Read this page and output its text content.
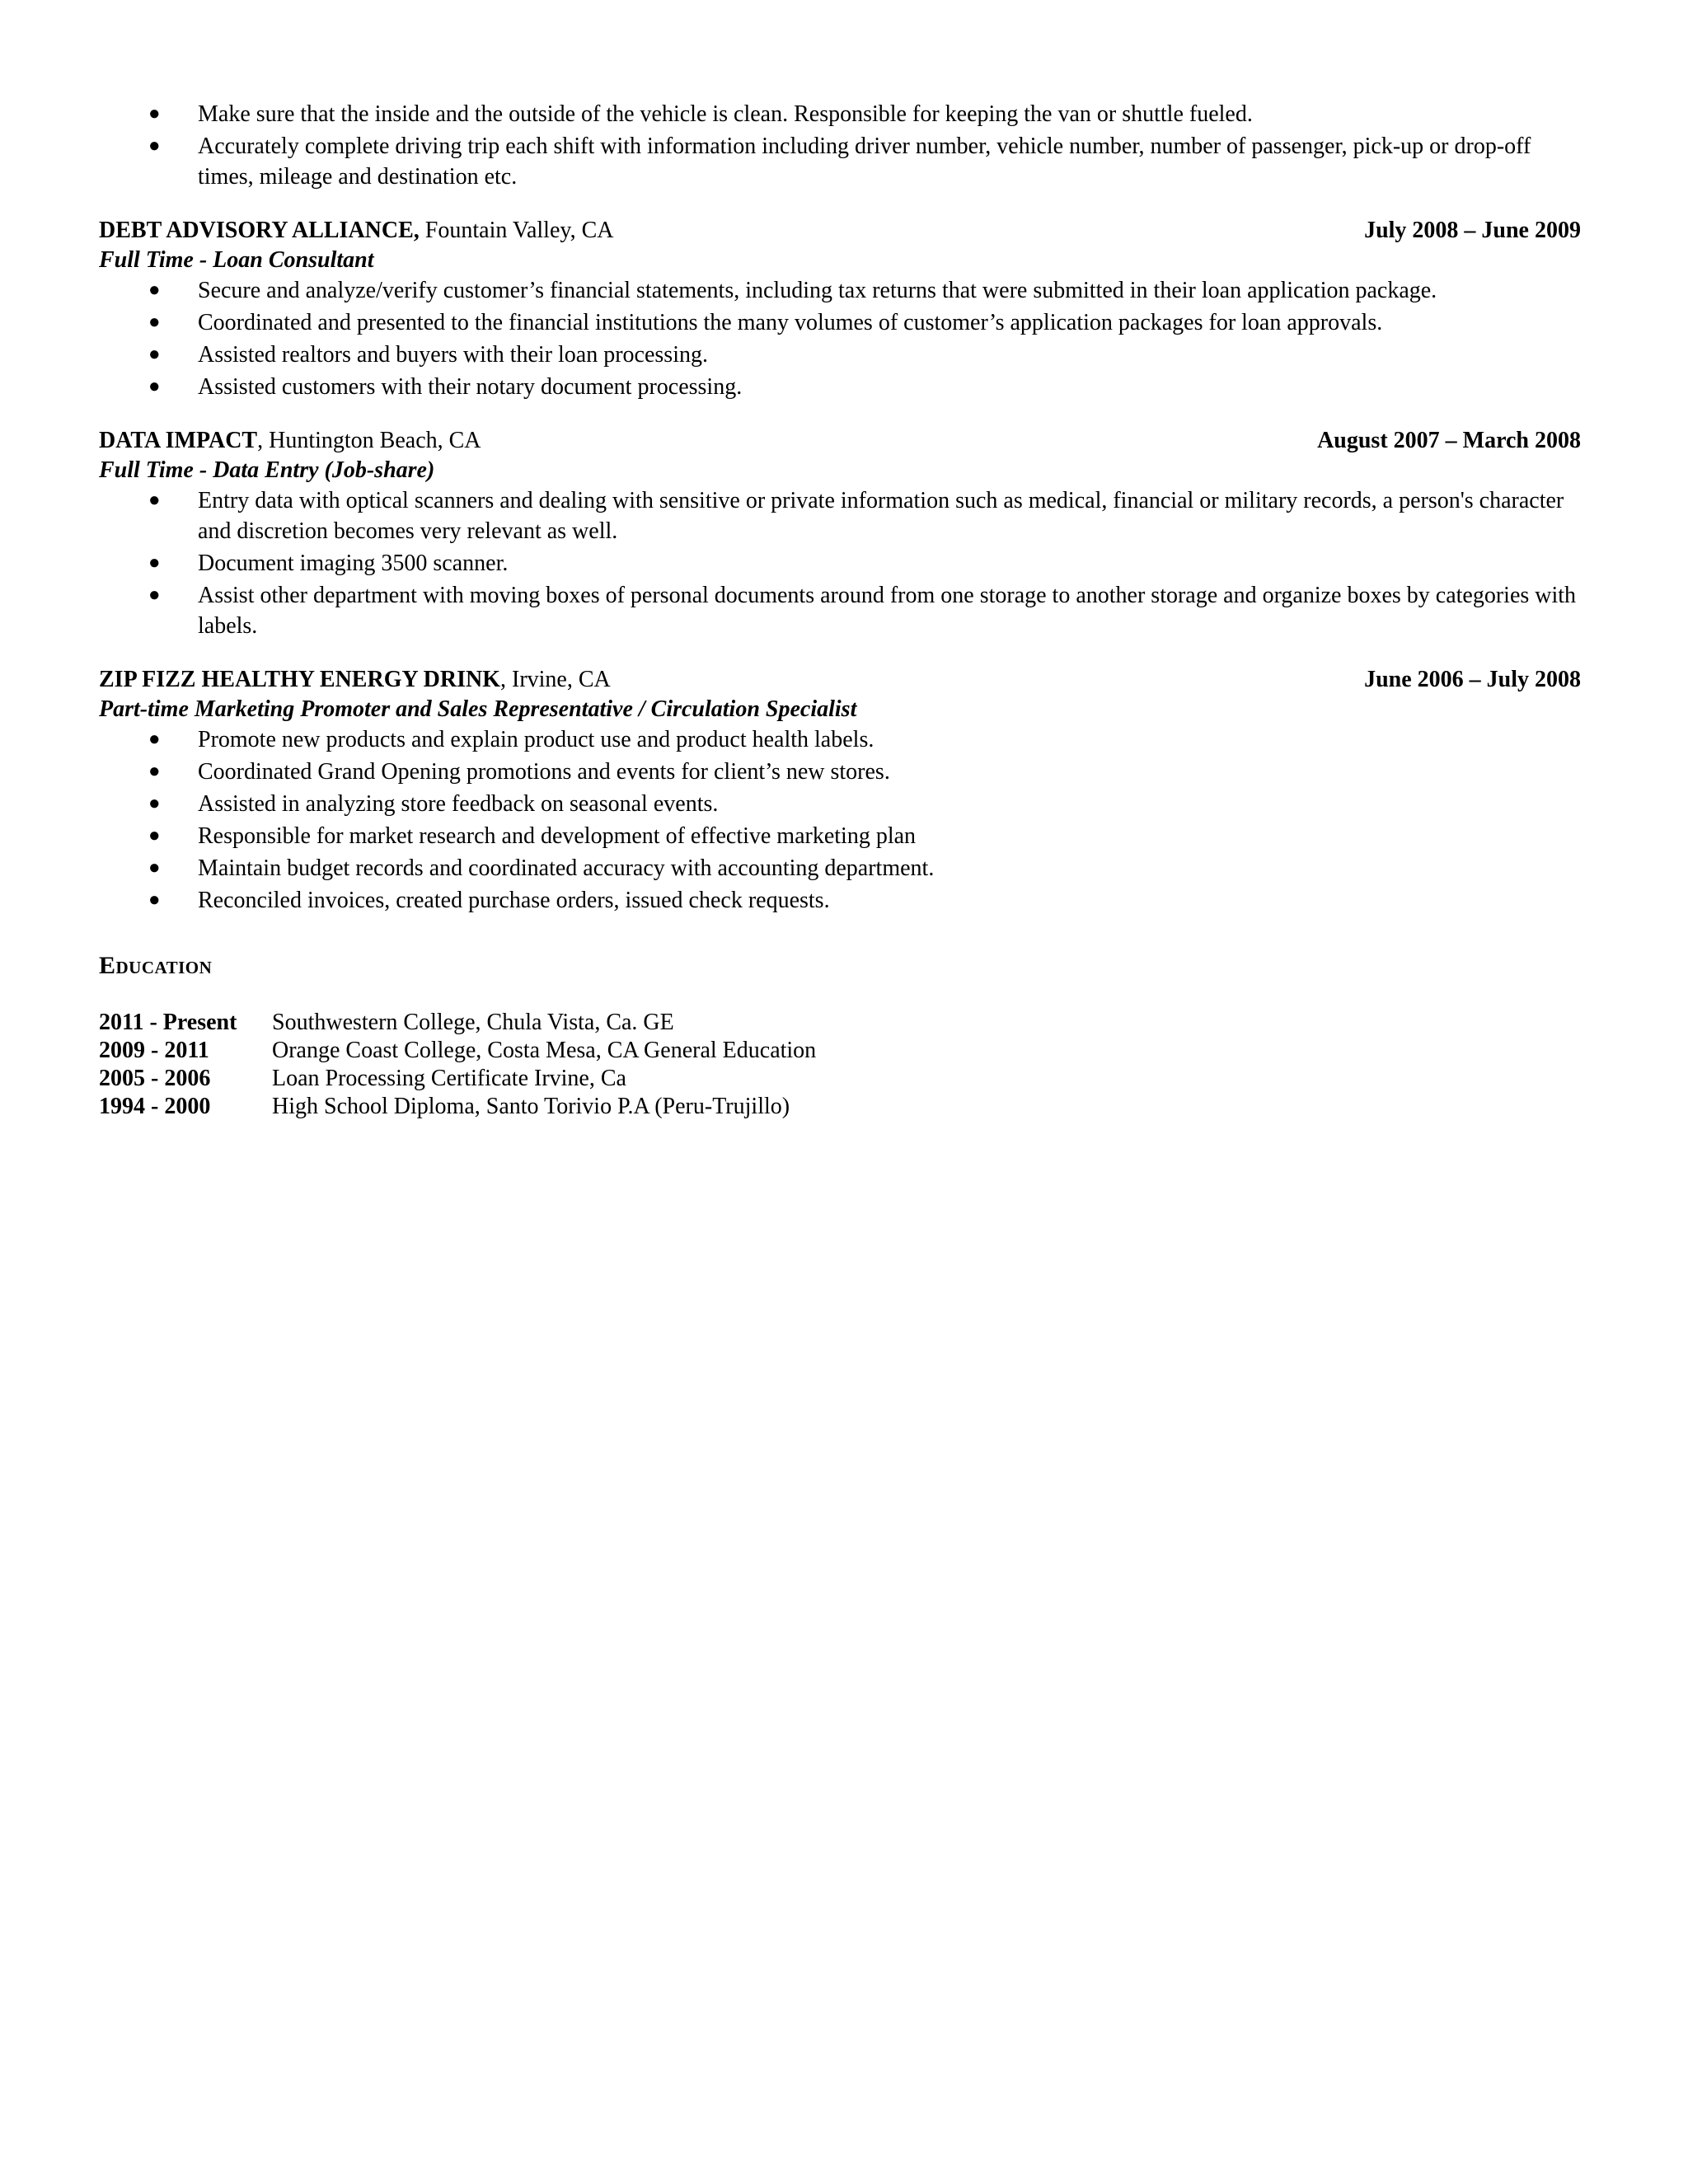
● Make sure that the inside and the outside of the vehicle is clean. Responsible for keeping the van or shuttle fueled.
● Accurately complete driving trip each shift with information including driver number, vehicle number, number of passenger, pick-up or drop-off times, mileage and destination etc.
DEBT ADVISORY ALLIANCE, Fountain Valley, CA	July 2008 – June 2009
Full Time - Loan Consultant
● Secure and analyze/verify customer’s financial statements, including tax returns that were submitted in their loan application package.
● Coordinated and presented to the financial institutions the many volumes of customer’s application packages for loan approvals.
● Assisted realtors and buyers with their loan processing.
● Assisted customers with their notary document processing.
DATA IMPACT, Huntington Beach, CA	August 2007 – March 2008
Full Time - Data Entry (Job-share)
● Entry data with optical scanners and dealing with sensitive or private information such as medical, financial or military records, a person's character and discretion becomes very relevant as well.
● Document imaging 3500 scanner.
● Assist other department with moving boxes of personal documents around from one storage to another storage and organize boxes by categories with labels.
ZIP FIZZ HEALTHY ENERGY DRINK, Irvine, CA	June 2006 – July 2008
Part-time Marketing Promoter and Sales Representative / Circulation Specialist
● Promote new products and explain product use and product health labels.
● Coordinated Grand Opening promotions and events for client’s new stores.
● Assisted in analyzing store feedback on seasonal events.
● Responsible for market research and development of effective marketing plan
● Maintain budget records and coordinated accuracy with accounting department.
● Reconciled invoices, created purchase orders, issued check requests.
Education
2011 - Present	Southwestern College, Chula Vista, Ca. GE
2009 - 2011	Orange Coast College, Costa Mesa, CA General Education
2005 - 2006	Loan Processing Certificate Irvine, Ca
1994 - 2000	High School Diploma, Santo Torivio P.A (Peru-Trujillo)
